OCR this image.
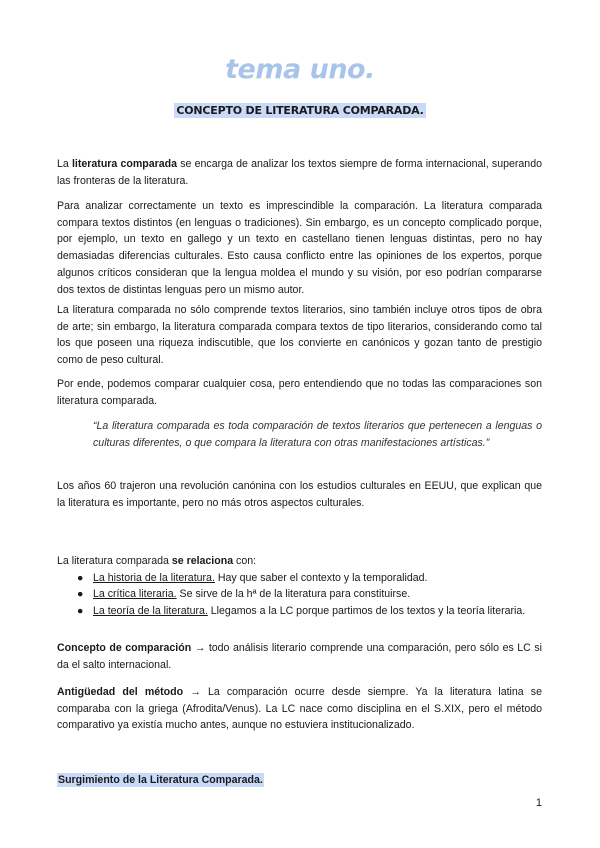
tema uno.
CONCEPTO DE LITERATURA COMPARADA.

La literatura comparada se encarga de analizar los textos siempre de forma internacional, superando las fronteras de la literatura.

Para analizar correctamente un texto es imprescindible la comparación. La literatura comparada compara textos distintos (en lenguas o tradiciones). Sin embargo, es un concepto complicado porque, por ejemplo, un texto en gallego y un texto en castellano tienen lenguas distintas, pero no hay demasiadas diferencias culturales. Esto causa conflicto entre las opiniones de los expertos, porque algunos críticos consideran que la lengua moldea el mundo y su visión, por eso podrían compararse dos textos de distintas lenguas pero un mismo autor.

La literatura comparada no sólo comprende textos literarios, sino también incluye otros tipos de obra de arte; sin embargo, la literatura comparada compara textos de tipo literarios, considerando como tal los que poseen una riqueza indiscutible, que los convierte en canónicos y gozan tanto de prestigio como de peso cultural.

Por ende, podemos comparar cualquier cosa, pero entendiendo que no todas las comparaciones son literatura comparada.

“La literatura comparada es toda comparación de textos literarios que pertenecen a lenguas o culturas diferentes, o que compara la literatura con otras manifestaciones artísticas.”

Los años 60 trajeron una revolución canónina con los estudios culturales en EEUU, que explican que la literatura es importante, pero no más otros aspectos culturales.

La literatura comparada se relaciona con:

● La historia de la literatura. Hay que saber el contexto y la temporalidad.
● La crítica literaria. Se sirve de la hª de la literatura para constituirse.
● La teoría de la literatura. Llegamos a la LC porque partimos de los textos y la teoría literaria.

Concepto de comparación → todo análisis literario comprende una comparación, pero sólo es LC si da el salto internacional.

Antigüedad del método → La comparación ocurre desde siempre. Ya la literatura latina se comparaba con la griega (Afrodita/Venus). La LC nace como disciplina en el S.XIX, pero el método comparativo ya existía mucho antes, aunque no estuviera institucionalizado.

Surgimiento de la Literatura Comparada.
1
